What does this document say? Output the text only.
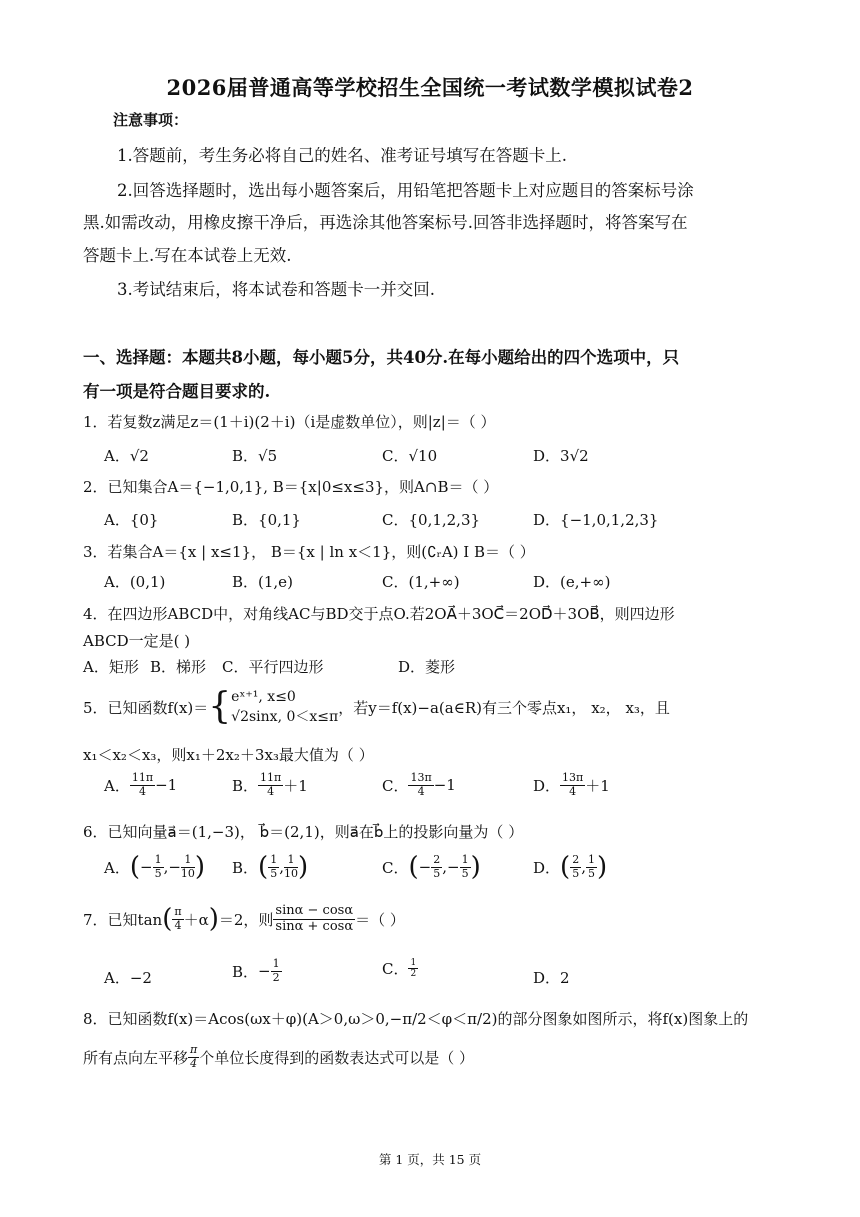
2026届普通高等学校招生全国统一考试数学模拟试卷2
注意事项：
1.答题前，考生务必将自己的姓名、准考证号填写在答题卡上.
2.回答选择题时，选出每小题答案后，用铅笔把答题卡上对应题目的答案标号涂
黑.如需改动，用橡皮擦干净后，再选涂其他答案标号.回答非选择题时，将答案写在
答题卡上.写在本试卷上无效.
3.考试结束后，将本试卷和答题卡一并交回.
一、选择题：本题共8小题，每小题5分，共40分.在每小题给出的四个选项中，只
有一项是符合题目要求的.
1．若复数z满足z＝(1＋i)(2＋i)（i是虚数单位），则|z|＝（ ）
A．√2	B．√5	C．√10	D．3√2
2．已知集合A＝{−1,0,1}, B＝{x|0≤x≤3}，则A∩B＝（ ）
A．{0}	B．{0,1}	C．{0,1,2,3}	D．{−1,0,1,2,3}
3．若集合A＝{x | x≤1}， B＝{x | ln x＜1}，则(∁ᵣA) I B＝（ ）
A．(0,1)	B．(1,e)	C．(1,+∞)	D．(e,+∞)
4．在四边形ABCD中，对角线AC与BD交于点O.若2OA⃗＋3OC⃗＝2OD⃗＋3OB⃗，则四边形
ABCD一定是( )
A．矩形 B．梯形 C．平行四边形	D．菱形
5．已知函数f(x)＝ { eˣ⁺¹, x≤0
√2sinx, 0＜x≤π
，若y＝f(x)−a(a∈R)有三个零点x₁， x₂， x₃，且
x₁＜x₂＜x₃，则x₁＋2x₂＋3x₃最大值为（ ）
A． $\frac{11\pi}{4} -1$	B． $\frac{11\pi}{4} +1$	C． $\frac{13\pi}{4} -1$	D． $\frac{13\pi}{4} +1$
6．已知向量a⃗＝(1,−3)， b⃗＝(2,1)，则a⃗在b⃗上的投影向量为（ ）
A． ( − $\frac{1}{5}$ ,− $\frac{1}{10}$ ) B． ( $\frac{1}{5}$ , $\frac{1}{10}$ )	C． ( − $\frac{2}{5}$ ,− $\frac{1}{5}$ )	D． ( $\frac{2}{5}$ , $\frac{1}{5}$ )
7．已知tan ( $\frac{\pi}{4} +\alpha$ ) ＝2，则 $\frac{\sin\alpha - \cos\alpha}{\sin\alpha + \cos\alpha}$ ＝（ ）
A．−2	B． − $\frac{1}{2}$	C． $\frac{1}{2}$	D．2
8．已知函数f(x)＝Acos(ωx＋φ)(A＞0,ω＞0,−π/2＜φ＜π/2)的部分图象如图所示，将f(x)图象上的
所有点向左平移 $\frac{\pi}{4}$ 个单位长度得到的函数表达式可以是（ ）
第 1 页，共 15 页
